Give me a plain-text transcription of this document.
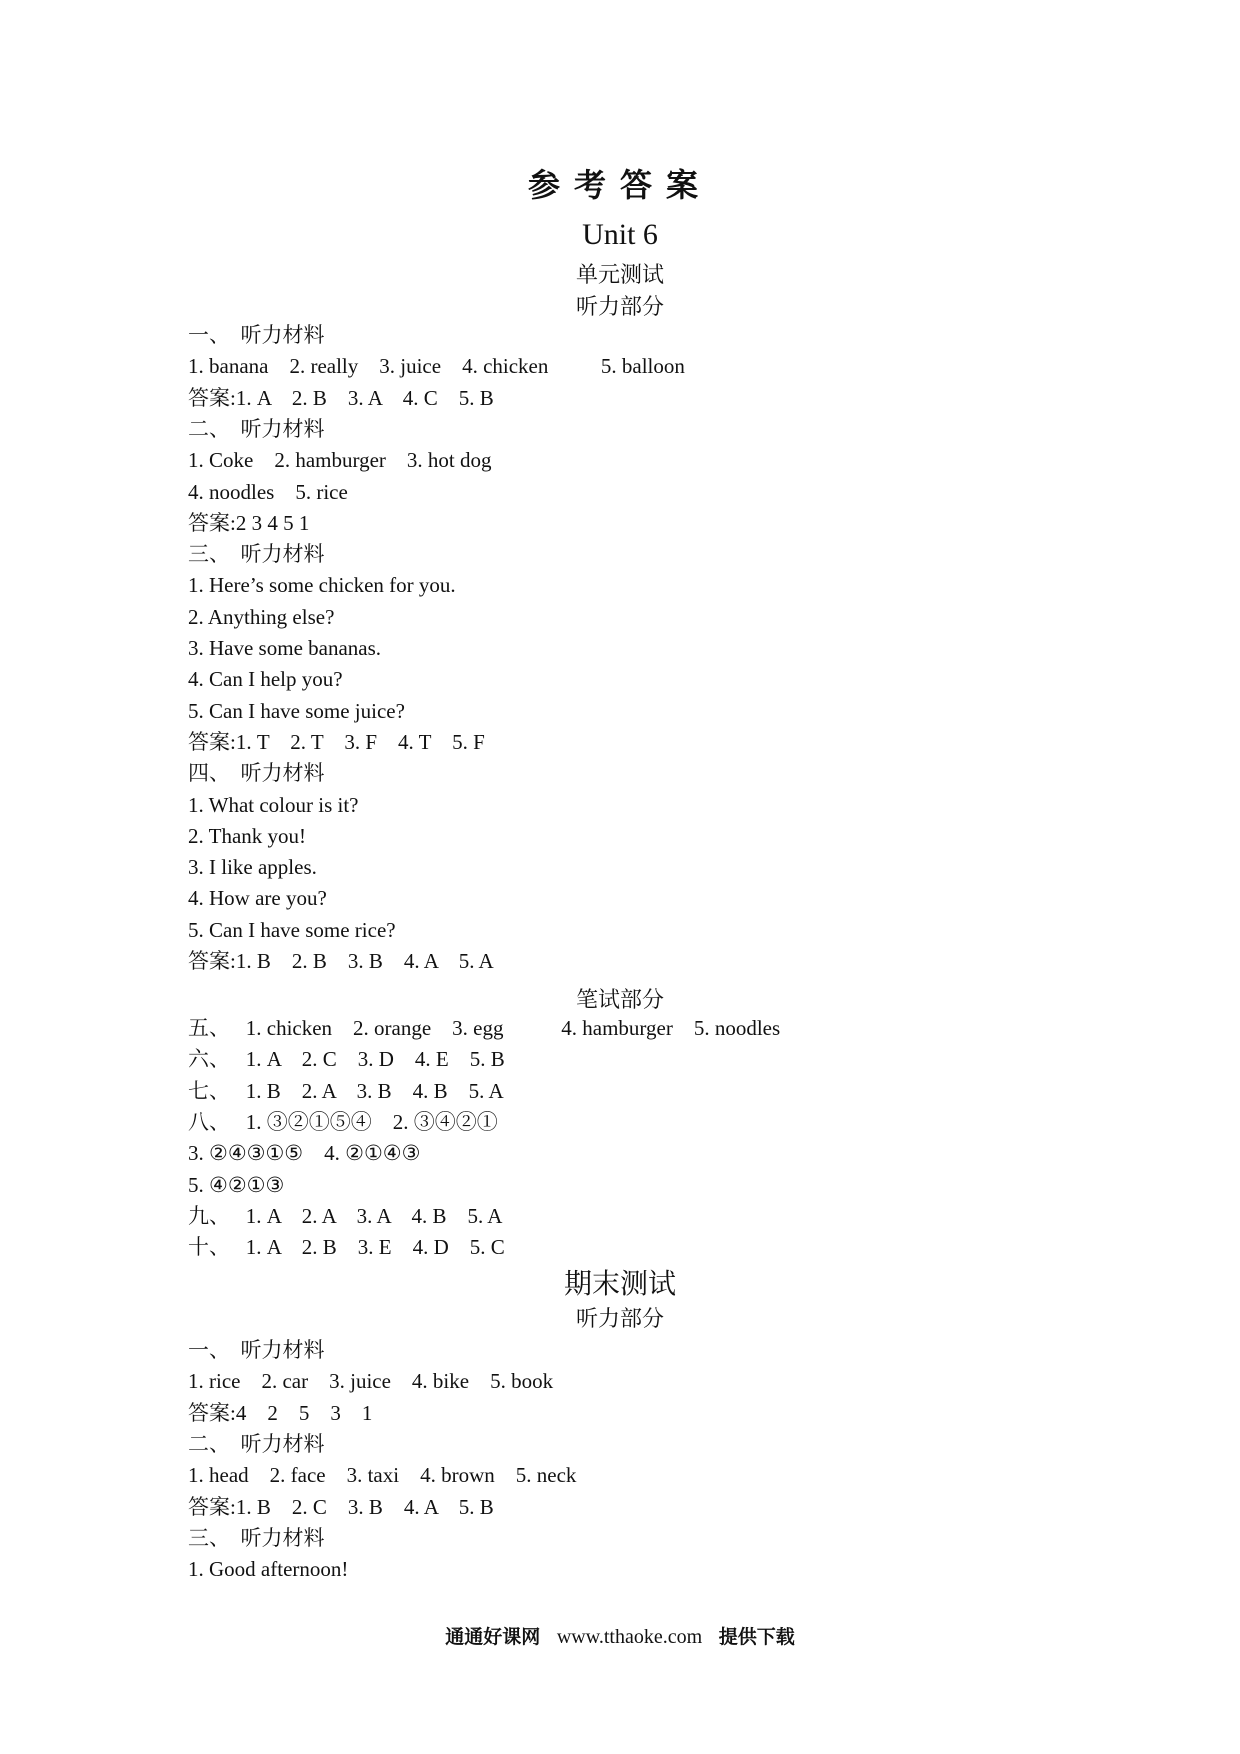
参考答案
Unit 6
单元测试
听力部分
一、  听力材料
1. banana    2. really    3. juice    4. chicken          5. balloon
答案:1. A    2. B    3. A    4. C    5. B
二、  听力材料
1. Coke    2. hamburger    3. hot dog
4. noodles    5. rice
答案:2 3 4 5 1
三、  听力材料
1. Here’s some chicken for you.
2. Anything else?
3. Have some bananas.
4. Can I help you?
5. Can I have some juice?
答案:1. T    2. T    3. F    4. T    5. F
四、  听力材料
1. What colour is it?
2. Thank you!
3. I like apples.
4. How are you?
5. Can I have some rice?
答案:1. B    2. B    3. B    4. A    5. A
笔试部分
五、   1. chicken    2. orange    3. egg           4. hamburger    5. noodles
六、   1. A    2. C    3. D    4. E    5. B
七、   1. B    2. A    3. B    4. B    5. A
八、   1. ③②①⑤④    2. ③④②①
3. ②④③①⑤    4. ②①④③
5. ④②①③
九、   1. A    2. A    3. A    4. B    5. A
十、   1. A    2. B    3. E    4. D    5. C
期末测试
听力部分
一、  听力材料
1. rice    2. car    3. juice    4. bike    5. book
答案:4    2    5    3    1
二、  听力材料
1. head    2. face    3. taxi    4. brown    5. neck
答案:1. B    2. C    3. B    4. A    5. B
三、  听力材料
1. Good afternoon!
通通好课网 www.tthaoke.com 提供下载
